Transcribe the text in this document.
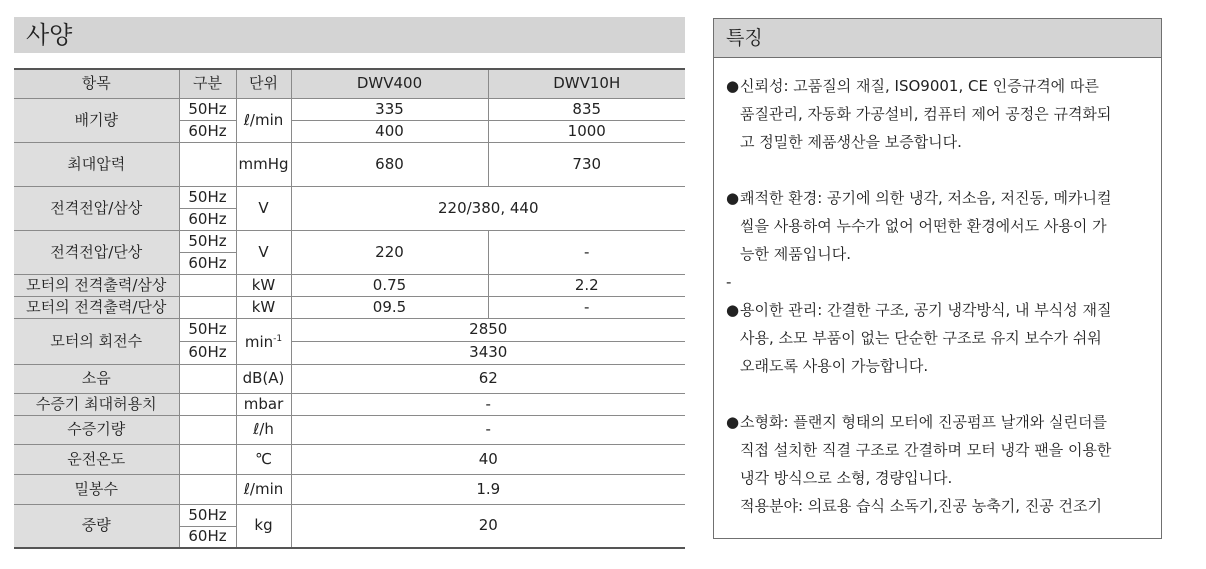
사양
항목	구분	단위	DWV400	DWV10H
배기량	50Hz	ℓ/min	335	835
	60Hz		400	1000
최대압력		mmHg	680	730
전격전압/삼상	50Hz	V	220/380, 440	
	60Hz			
전격전압/단상	50Hz	V	220	-
	60Hz			
모터의 전격출력/삼상		kW	0.75	2.2
모터의 전격출력/단상		kW	09.5	-
모터의 회전수	50Hz	$\min^{-1}$	2850	
	60Hz		3430	
소음		dB(A)	62	
수증기 최대허용치		mbar	-	
수증기량		ℓ/h	-	
운전온도		℃	40	
밀봉수		ℓ/min	1.9	
중량	50Hz	kg	20	
	60Hz			
특징
● 신뢰성: 고품질의 재질, ISO9001, CE 인증규격에 따른
품질관리, 자동화 가공설비, 컴퓨터 제어 공정은 규격화되
고 정밀한 제품생산을 보증합니다.
● 쾌적한 환경: 공기에 의한 냉각, 저소음, 저진동, 메카니컬
씰을 사용하여 누수가 없어 어떤한 환경에서도 사용이 가
능한 제품입니다.
-
● 용이한 관리: 간결한 구조, 공기 냉각방식, 내 부식성 재질
사용, 소모 부품이 없는 단순한 구조로 유지 보수가 쉬워
오래도록 사용이 가능합니다.
● 소형화: 플랜지 형태의 모터에 진공펌프 날개와 실린더를
직접 설치한 직결 구조로 간결하며 모터 냉각 팬을 이용한
냉각 방식으로 소형, 경량입니다.
적용분야: 의료용 습식 소독기,진공 농축기, 진공 건조기
